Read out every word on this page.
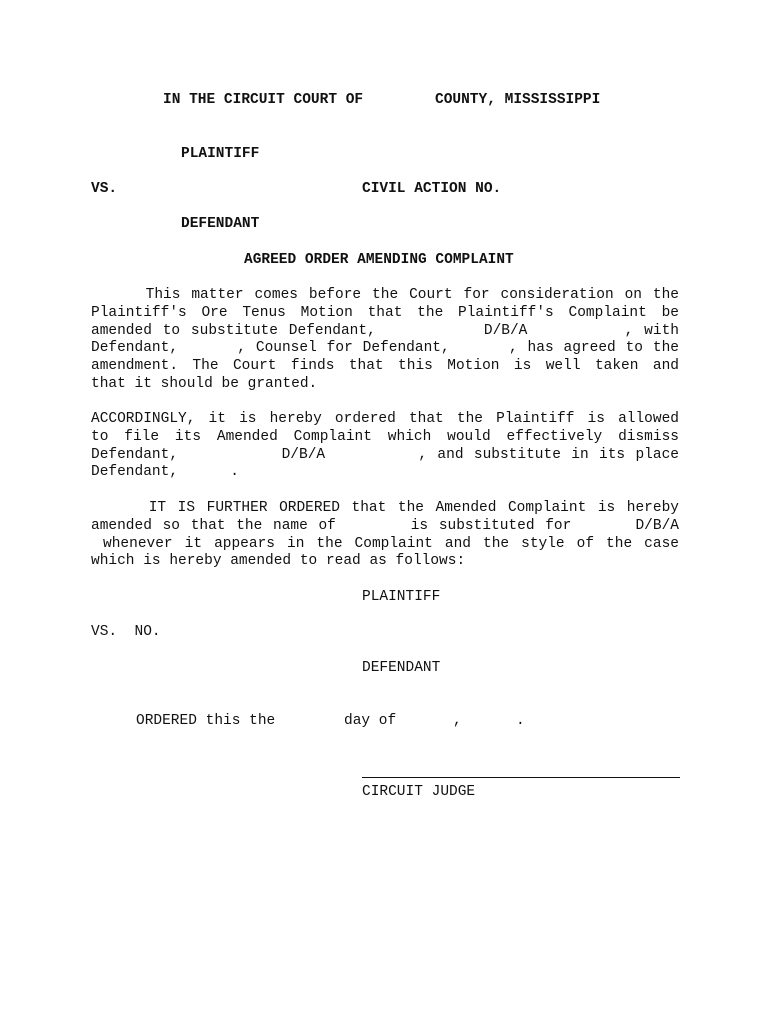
IN THE CIRCUIT COURT OF	COUNTY, MISSISSIPPI
PLAINTIFF
VS.	CIVIL ACTION NO.
DEFENDANT
AGREED ORDER AMENDING COMPLAINT
This matter comes before the Court for consideration on the
Plaintiff's Ore Tenus Motion that the Plaintiff's Complaint be
amended to substitute Defendant,          D/B/A         , with
Defendant,      , Counsel for Defendant,      , has agreed to the
amendment. The Court finds that this Motion is well taken and
that it should be granted.
ACCORDINGLY, it is hereby ordered that the Plaintiff is allowed
to file its Amended Complaint which would effectively dismiss
Defendant,          D/B/A         , and substitute in its place
Defendant,      .
IT IS FURTHER ORDERED that the Amended Complaint is hereby
amended so that the name of       is substituted for      D/B/A
whenever it appears in the Complaint and the style of the case
which is hereby amended to read as follows:
PLAINTIFF
VS.  NO.
DEFENDANT
ORDERED this the	day of	,	.
CIRCUIT JUDGE
